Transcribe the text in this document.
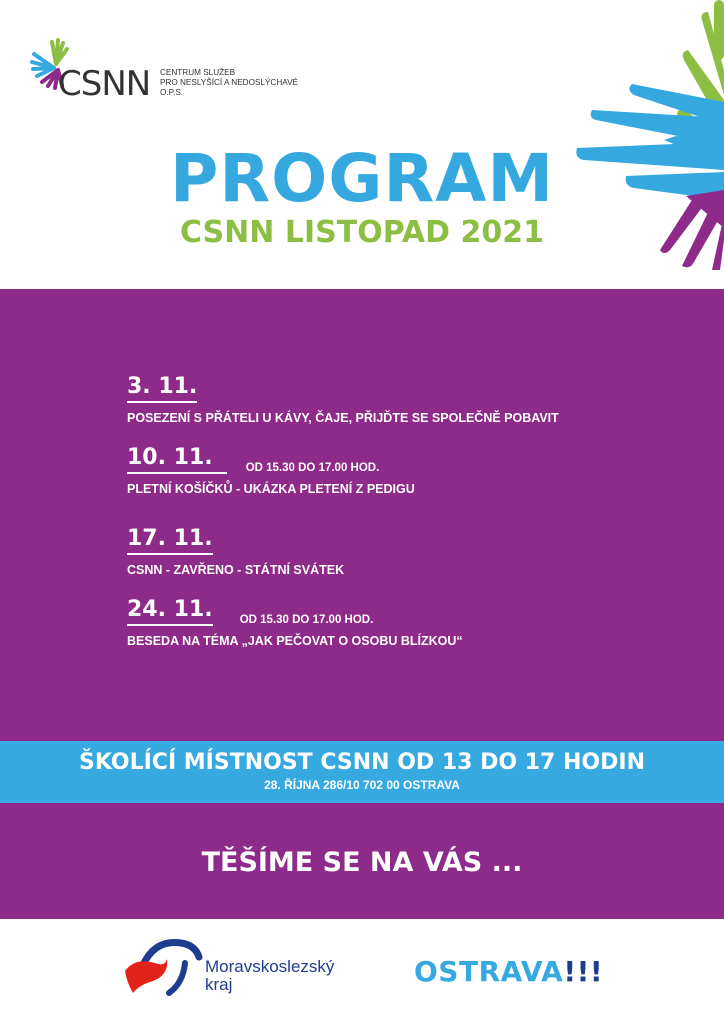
CSNN CENTRUM SLUŽEB
PRO NESLYŠÍCÍ A NEDOSLÝCHAVÉ
O.P.S.
PROGRAM
CSNN LISTOPAD 2021
3. 11.
POSEZENÍ S PŘÁTELI U KÁVY, ČAJE, PŘIJĎTE SE SPOLEČNĚ POBAVIT
10. 11.	OD 15.30 DO 17.00 HOD.
PLETNÍ KOŠÍČKŮ - UKÁZKA PLETENÍ Z PEDIGU
17. 11.
CSNN - ZAVŘENO - STÁTNÍ SVÁTEK
24. 11. OD 15.30 DO 17.00 HOD.
BESEDA NA TÉMA „JAK PEČOVAT O OSOBU BLÍZKOU“
ŠKOLÍCÍ MÍSTNOST CSNN OD 13 DO 17 HODIN
28. ŘÍJNA 286/10 702 00 OSTRAVA
TĚŠÍME SE NA VÁS ...
Moravskoslezský
kraj	OSTRAVA!!!
